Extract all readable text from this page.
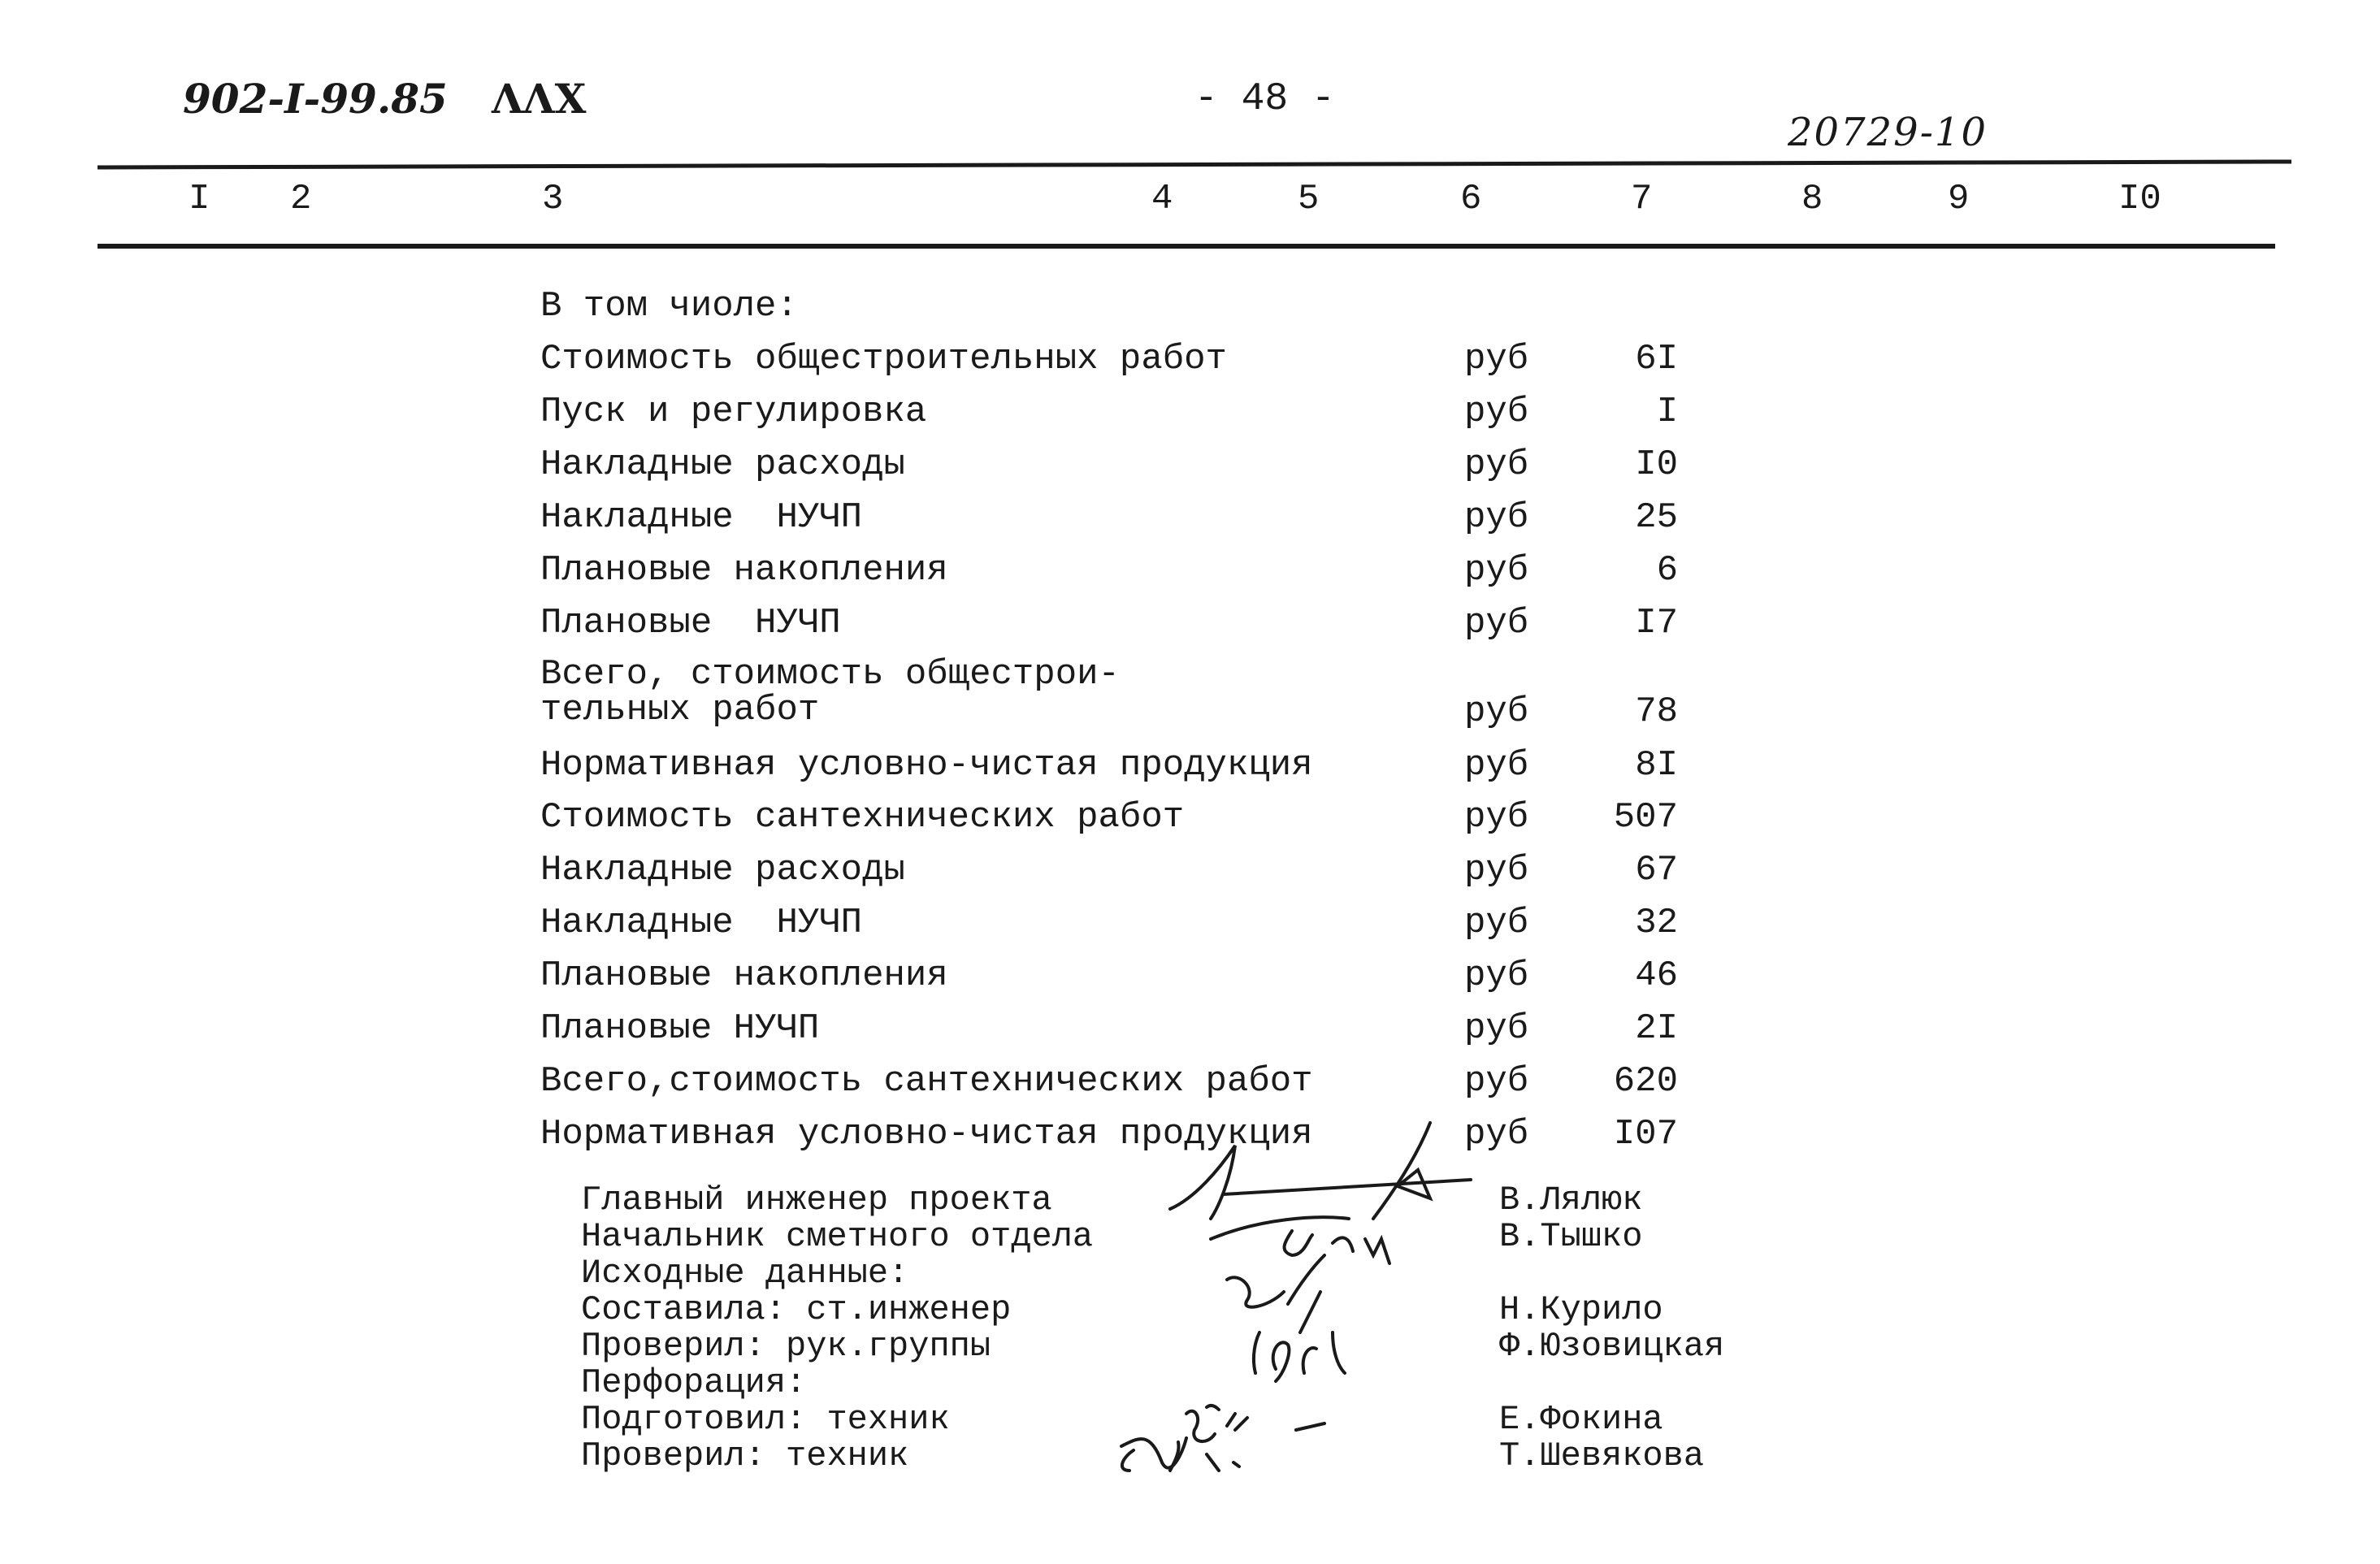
902-I-99.85 ΛΛΧ	- 48 -
20729-10
I 2	3	4	5	6	7	8	9	I0
В том чиоле:
Стоимость общестроительных работ	руб	6I
Пуск и регулировка	руб	I
Накладные расходы	руб	I0
Накладные  НУЧП	руб	25
Плановые накопления	руб	6
Плановые  НУЧП	руб	I7
Всего, стоимость общестрои-
тельных работ	руб	78
Нормативная условно-чистая продукция	руб	8I
Стоимость сантехнических работ	руб	507
Накладные расходы	руб	67
Накладные  НУЧП	руб	32
Плановые накопления	руб	46
Плановые НУЧП	руб	2I
Всего,стоимость сантехнических работ	руб	620
Нормативная условно-чистая продукция	руб	I07
Главный инженер проекта	В.Лялюк
Начальник сметного отдела	В.Тышко
Исходные данные:
Составила: ст.инженер	Н.Курило
Проверил: рук.группы	Ф.Юзовицкая
Перфорация:
Подготовил: техник	Е.Фокина
Проверил: техник	Т.Шевякова
